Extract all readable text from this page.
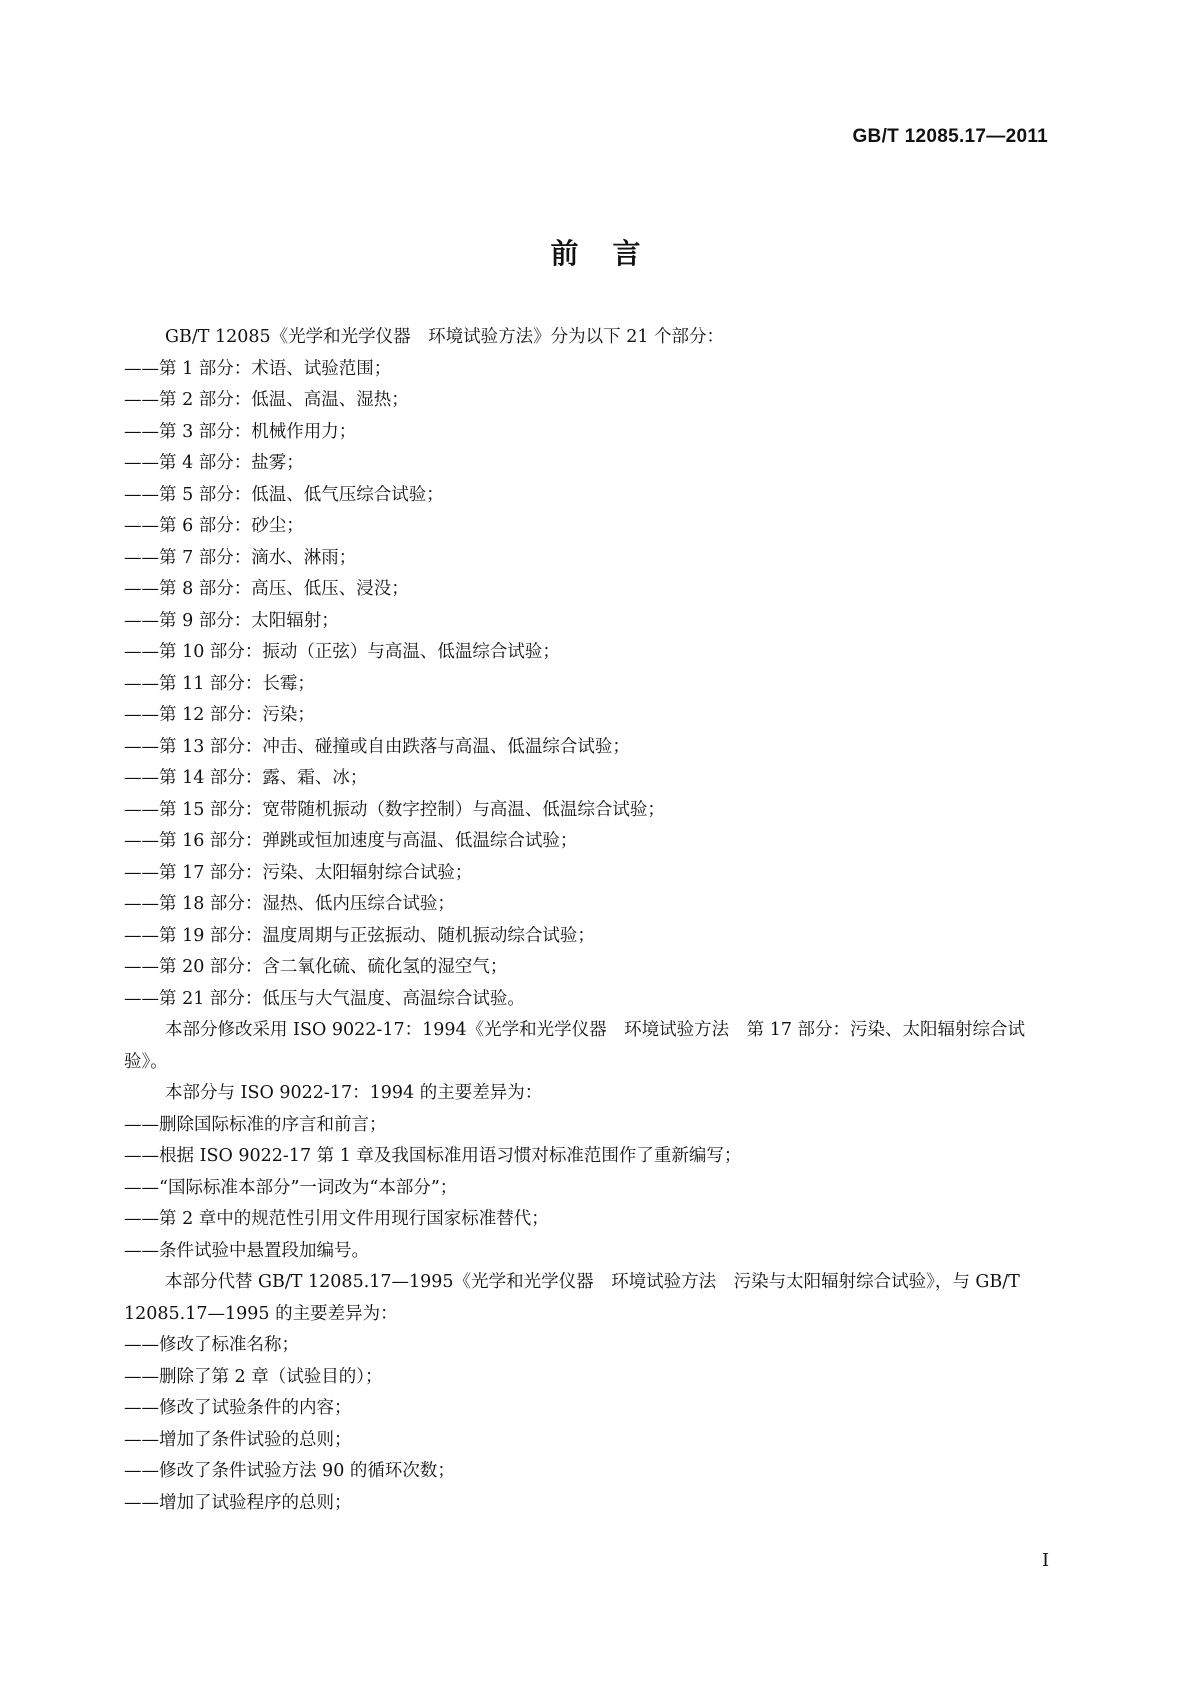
GB/T 12085.17—2011
前言

GB/T 12085《光学和光学仪器　环境试验方法》分为以下 21 个部分：

——第 1 部分：术语、试验范围；

——第 2 部分：低温、高温、湿热；

——第 3 部分：机械作用力；

——第 4 部分：盐雾；

——第 5 部分：低温、低气压综合试验；

——第 6 部分：砂尘；

——第 7 部分：滴水、淋雨；

——第 8 部分：高压、低压、浸没；

——第 9 部分：太阳辐射；

——第 10 部分：振动（正弦）与高温、低温综合试验；

——第 11 部分：长霉；

——第 12 部分：污染；

——第 13 部分：冲击、碰撞或自由跌落与高温、低温综合试验；

——第 14 部分：露、霜、冰；

——第 15 部分：宽带随机振动（数字控制）与高温、低温综合试验；

——第 16 部分：弹跳或恒加速度与高温、低温综合试验；

——第 17 部分：污染、太阳辐射综合试验；

——第 18 部分：湿热、低内压综合试验；

——第 19 部分：温度周期与正弦振动、随机振动综合试验；

——第 20 部分：含二氧化硫、硫化氢的湿空气；

——第 21 部分：低压与大气温度、高温综合试验。

本部分修改采用 ISO 9022-17：1994《光学和光学仪器　环境试验方法　第 17 部分：污染、太阳辐射综合试验》。

本部分与 ISO 9022-17：1994 的主要差异为：

——删除国际标准的序言和前言；

——根据 ISO 9022-17 第 1 章及我国标准用语习惯对标准范围作了重新编写；

——“国际标准本部分”一词改为“本部分”；

——第 2 章中的规范性引用文件用现行国家标准替代；

——条件试验中悬置段加编号。

本部分代替 GB/T 12085.17—1995《光学和光学仪器　环境试验方法　污染与太阳辐射综合试验》，与 GB/T 12085.17—1995 的主要差异为：

——修改了标准名称；

——删除了第 2 章（试验目的）；

——修改了试验条件的内容；

——增加了条件试验的总则；

——修改了条件试验方法 90 的循环次数；

——增加了试验程序的总则；

I
